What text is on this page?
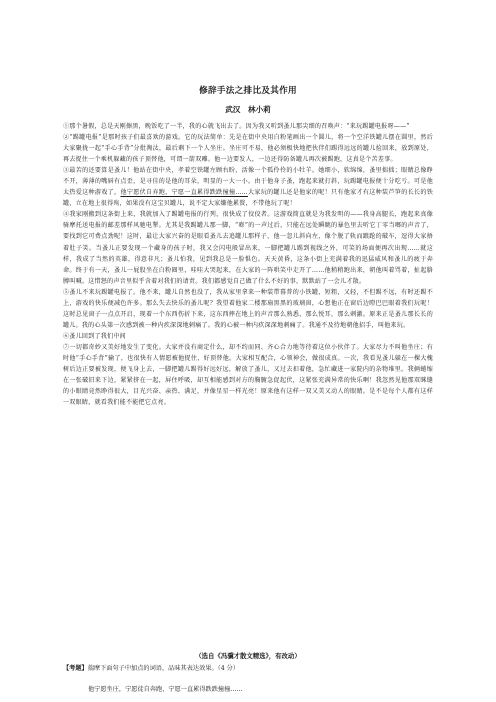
修辞手法之排比及其作用
武汉　林小莉

①那个暑假，总是天刚擦黑，晚饭吃了一半，我的心就飞出去了。因为我又听到蚤儿那尖细的召唤声：“来玩踢罐电报呀——”

②“踢罐电报”是那时孩子们最喜欢的游戏。它的玩法简单：先是在街中央用白粉笔画出一个圆儿，将一个空洋铁罐儿摆在圆里，然后大家聚拢一起“手心手背”分批淘汰，最后剩下一个人坐庄。坐庄可不易，他必须极快地把伙伴们踢得远远的罐儿捡回来，放到原处，再去捉住一个乘机躲藏的孩子顶替他，可谓一箭双雕。他一边要发人，一边还得防备罐儿再次被踢跑，这真是个苦差事。

③最苦的还要算是蚤儿！他站在街中央，孝着空铁罐左顾右盼，活像一个孤伶伶的小牡羊。她细小，软绵绵，蚤里拙拙；眼睛总像睁不开，薄薄的嘴唇有点歪，是寻佳的是他的耳朵，明显的一大一小。由于他身子蚤，跑起来就打斜，玩踢罐电报便十分吃亏。可是他太热爱这种游戏了，他宁愿伏自弃跑，宁愿一直累得跌跌撞撞……大家玩的罐儿还是他家的呢！只有他家才有这种装芦笋的长长的铁罐，立在地上很得殇，如果没有这宝贝罐儿，说不定大家嫌他累赘，不带他玩了呢！

④我家刚搬到这条街上来，我就加入了踢罐电报的行列，很快成了佼佼者。这游戏简直就是为我发明的——我身高腿长，跑起来真像骑摩托送电报的邮差那样风驰电掣。尤其是我踢罐儿那一脚，“嘭”的一声过后，只能在远处瞬眺的暴色里去听它丁零当啷的声音了，要找到它可费点劲呢！这时，最让大家兴奋的是眼看蚤儿去追罐儿那样子，他一忽儿斜向左，像个脱了轨而踉跄的破车，逗得大家捂着肚子笑。当蚤儿正要发现一个藏身的孩子时，我又会闪电般冒出来，一脚把罐儿踢到视线之外，可笑的场面便再次出现……就这样，我成了当然的英雄，得意非凡；蚤儿怕我，见到我总是一脸惧色。天天黄昏，这条小街上充满着我的迅猛威风和蚤儿的疲于奔命。终于有一天，蚤儿一屁股坐在白粉圈里，哇哇大哭起来，在大家的一阵哄笑中走开了……他稍稍跑出来，朝他叫着骂着，扯起胳膊叫喊。这惜怒的声音里似乎含着对我们的请责。我们都感觉自己做了什么不好的事，默默站了一会儿才散。

⑤蚤儿不来玩踢罐电报了。他不来，罐儿自然也没了，我从家里拿来一种装带幕普的小铁罐，短粗，又轻，不但踢不远，有时还踢不上，游戏的快乐便减色许多。那么失去快乐的蚤儿呢？我望着他家二楼那扇黑黑的玻璃窗，心想他正在窗后边瞪巴巴眼着我们玩呢！这时总见窗子一点点开启，现着一个东西伤折下来，这东西摔在地上的声音那么熟悉，那么悦耳，那么刺激。原来正是蚤儿那长长的罐儿。我的心头第一次感到被一种内疚深深地刺痛了。我的心被一种内疚深深地刺痛了。我通不及待地朝他招手，叫他来玩。

⑥蚤儿回到了我们中间

⑦一切都奇妙又美好地发生了变化。大家并没有商定什么，却不约而同、齐心合力地等待着这位小伙伴了。大家尽力不叫他坐庄；有时他“手心手背”输了，也很快有人情愿被他捉住，好顶替他。大家相互配合，心领神会，做很成真。一次，我看见蚤儿躲在一棵大槐树后边正要被发现，便飞身上去，一脚把罐儿踢得好远好远，解放了蚤儿，又过去扣着他，急忙藏进一家院内的杂物堆里。我俩蜷缩在一张破旧来下边，紧紧挤在一起，屏住呼吸，却互相能感到对方的胸腑急促起伏，这紧张充满异常的快乐啊！我忽然见他那双眯缝的小眼睛竟然睁得很大，目光兴奋、亲热、满足，并像星星一样光亮！原来他有这样一双又美又动人的眼睛。是不是每个人都有这样一双眼睛，就看我们能不能把它点亮。

（选自《冯骥才散文精选》，有改动）
【考题】揣摩下面句子中加点的词语，品味其表达效果。（4 分）
他宁愿坐庄，宁愿徒自奔跑，宁愿一直累得跌跌撞撞……
